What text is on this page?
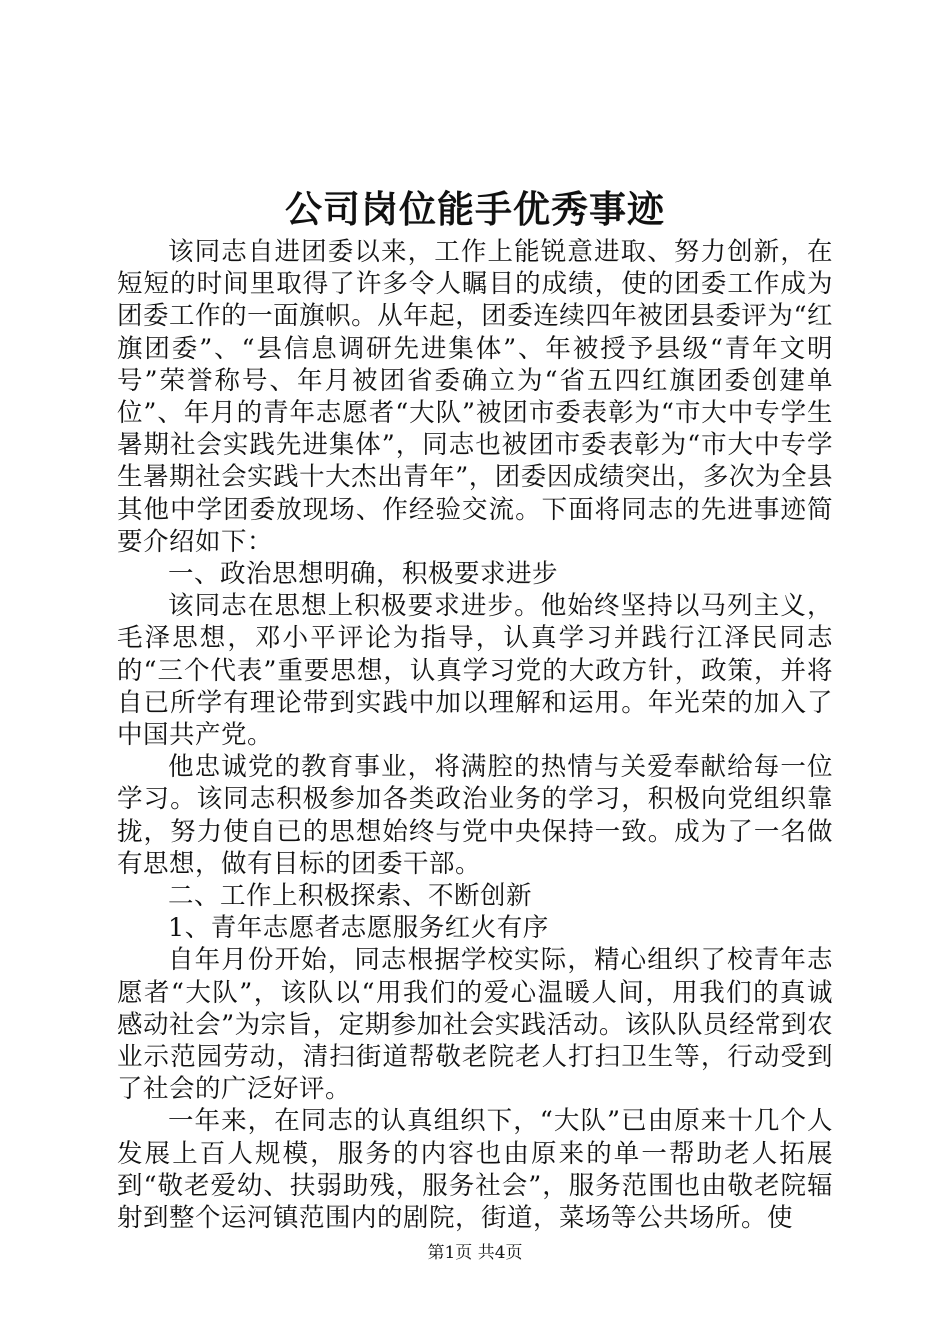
公司岗位能手优秀事迹

该同志自进团委以来，工作上能锐意进取、努力创新，在短短的时间里取得了许多令人瞩目的成绩，使的团委工作成为团委工作的一面旗帜。从年起，团委连续四年被团县委评为“红旗团委”、“县信息调研先进集体”、年被授予县级“青年文明号”荣誉称号、年月被团省委确立为“省五四红旗团委创建单位”、年月的青年志愿者“大队”被团市委表彰为“市大中专学生暑期社会实践先进集体”，同志也被团市委表彰为“市大中专学生暑期社会实践十大杰出青年”，团委因成绩突出，多次为全县其他中学团委放现场、作经验交流。下面将同志的先进事迹简要介绍如下：

一、政治思想明确，积极要求进步

该同志在思想上积极要求进步。他始终坚持以马列主义，毛泽思想，邓小平评论为指导，认真学习并践行江泽民同志的“三个代表”重要思想，认真学习党的大政方针，政策，并将自已所学有理论带到实践中加以理解和运用。年光荣的加入了中国共产党。

他忠诚党的教育事业，将满腔的热情与关爱奉献给每一位学习。该同志积极参加各类政治业务的学习，积极向党组织靠拢，努力使自已的思想始终与党中央保持一致。成为了一名做有思想，做有目标的团委干部。

二、工作上积极探索、不断创新

1、青年志愿者志愿服务红火有序

自年月份开始，同志根据学校实际，精心组织了校青年志愿者“大队”，该队以“用我们的爱心温暖人间，用我们的真诚感动社会”为宗旨，定期参加社会实践活动。该队队员经常到农业示范园劳动，清扫街道帮敬老院老人打扫卫生等，行动受到了社会的广泛好评。

一年来，在同志的认真组织下，“大队”已由原来十几个人发展上百人规模，服务的内容也由原来的单一帮助老人拓展到“敬老爱幼、扶弱助残，服务社会”，服务范围也由敬老院辐射到整个运河镇范围内的剧院，街道，菜场等公共场所。使

第1页 共4页
